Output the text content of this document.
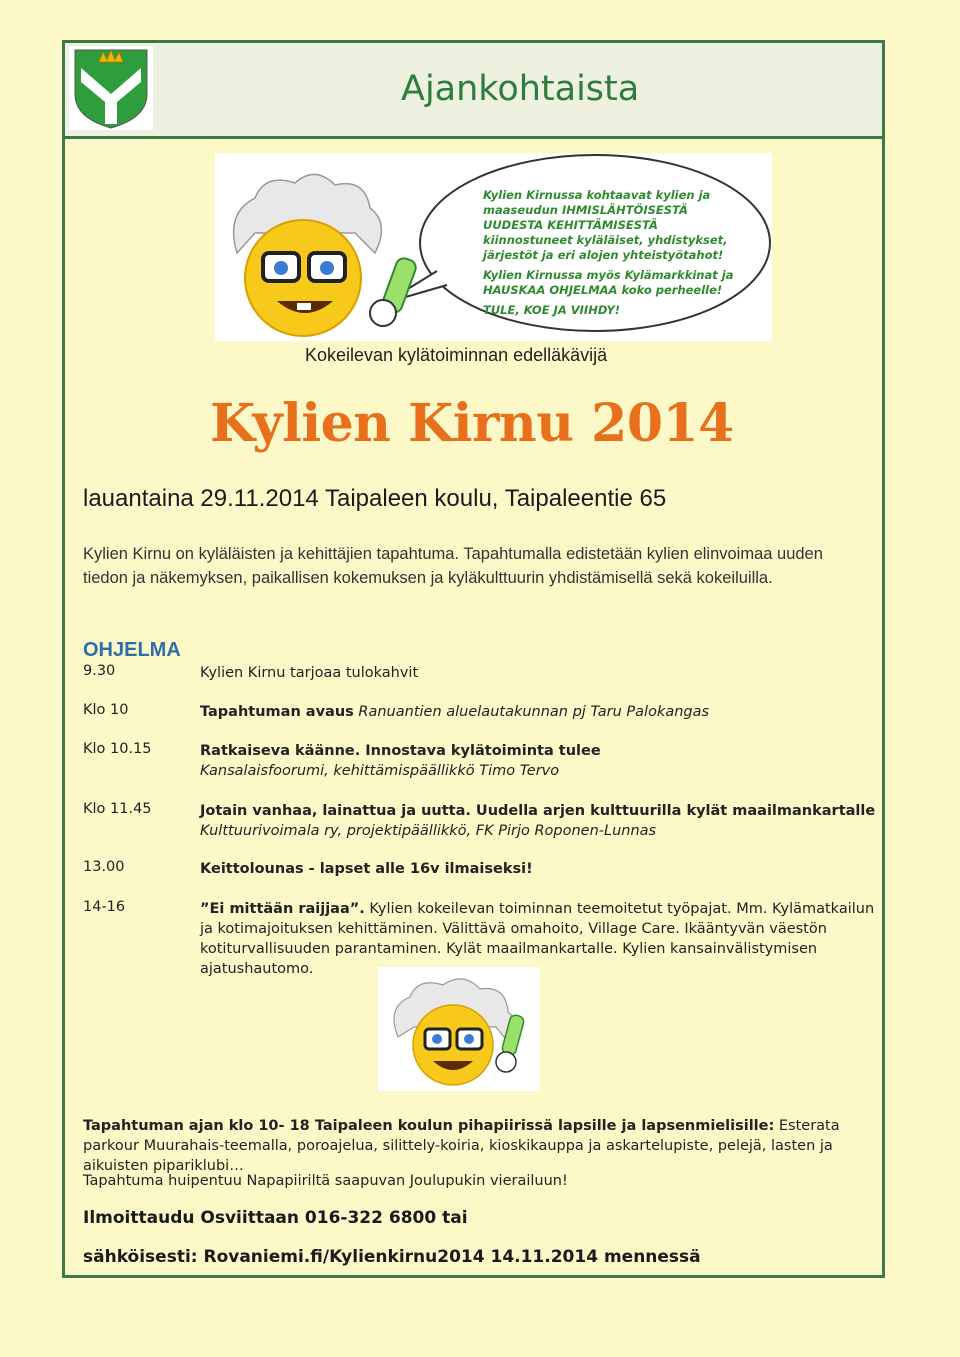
Ajankohtaista
Kylien Kirnussa kohtaavat kylien ja
maaseudun IHMISLÄHTÖISESTÄ
UUDESTA KEHITTÄMISESTÄ
kiinnostuneet kyläläiset, yhdistykset,
järjestöt ja eri alojen yhteistyötahot!
Kylien Kirnussa myös Kylämarkkinat ja
HAUSKAA OHJELMAA koko perheelle!
TULE, KOE JA VIIHDY!
Kokeilevan kylätoiminnan edelläkävijä
Kylien Kirnu 2014
lauantaina 29.11.2014 Taipaleen koulu, Taipaleentie 65
Kylien Kirnu on kyläläisten ja kehittäjien tapahtuma. Tapahtumalla edistetään kylien elinvoimaa uuden tiedon ja näkemyksen, paikallisen kokemuksen ja kyläkulttuurin yhdistämisellä sekä kokeiluilla.
OHJELMA
9.30	Kylien Kirnu tarjoaa tulokahvit
Klo 10	Tapahtuman avaus Ranuantien aluelautakunnan pj Taru Palokangas
Klo 10.15	Ratkaiseva käänne. Innostava kylätoiminta tulee
Kansalaisfoorumi, kehittämispäällikkö Timo Tervo
Klo 11.45	Jotain vanhaa, lainattua ja uutta. Uudella arjen kulttuurilla kylät maailmankartalle
Kulttuurivoimala ry, projektipäällikkö, FK Pirjo Roponen-Lunnas
13.00	Keittolounas - lapset alle 16v ilmaiseksi!
14-16	”Ei mittään raijjaa”. Kylien kokeilevan toiminnan teemoitetut työpajat. Mm. Kylämatkailun ja kotimajoituksen kehittäminen. Välittävä omahoito, Village Care. Ikääntyvän väestön kotiturvallisuuden parantaminen. Kylät maailmankartalle. Kylien kansainvälistymisen ajatushautomo.
Tapahtuman ajan klo 10- 18 Taipaleen koulun pihapiirissä lapsille ja lapsenmielisille: Esterata parkour Muurahais-teemalla, poroajelua, silittely-koiria, kioskikauppa ja askartelupiste, pelejä, lasten ja aikuisten pipariklubi…
Tapahtuma huipentuu Napapiiriltä saapuvan Joulupukin vierailuun!
Ilmoittaudu Osviittaan 016-322 6800 tai
sähköisesti: Rovaniemi.fi/Kylienkirnu2014 14.11.2014 mennessä
